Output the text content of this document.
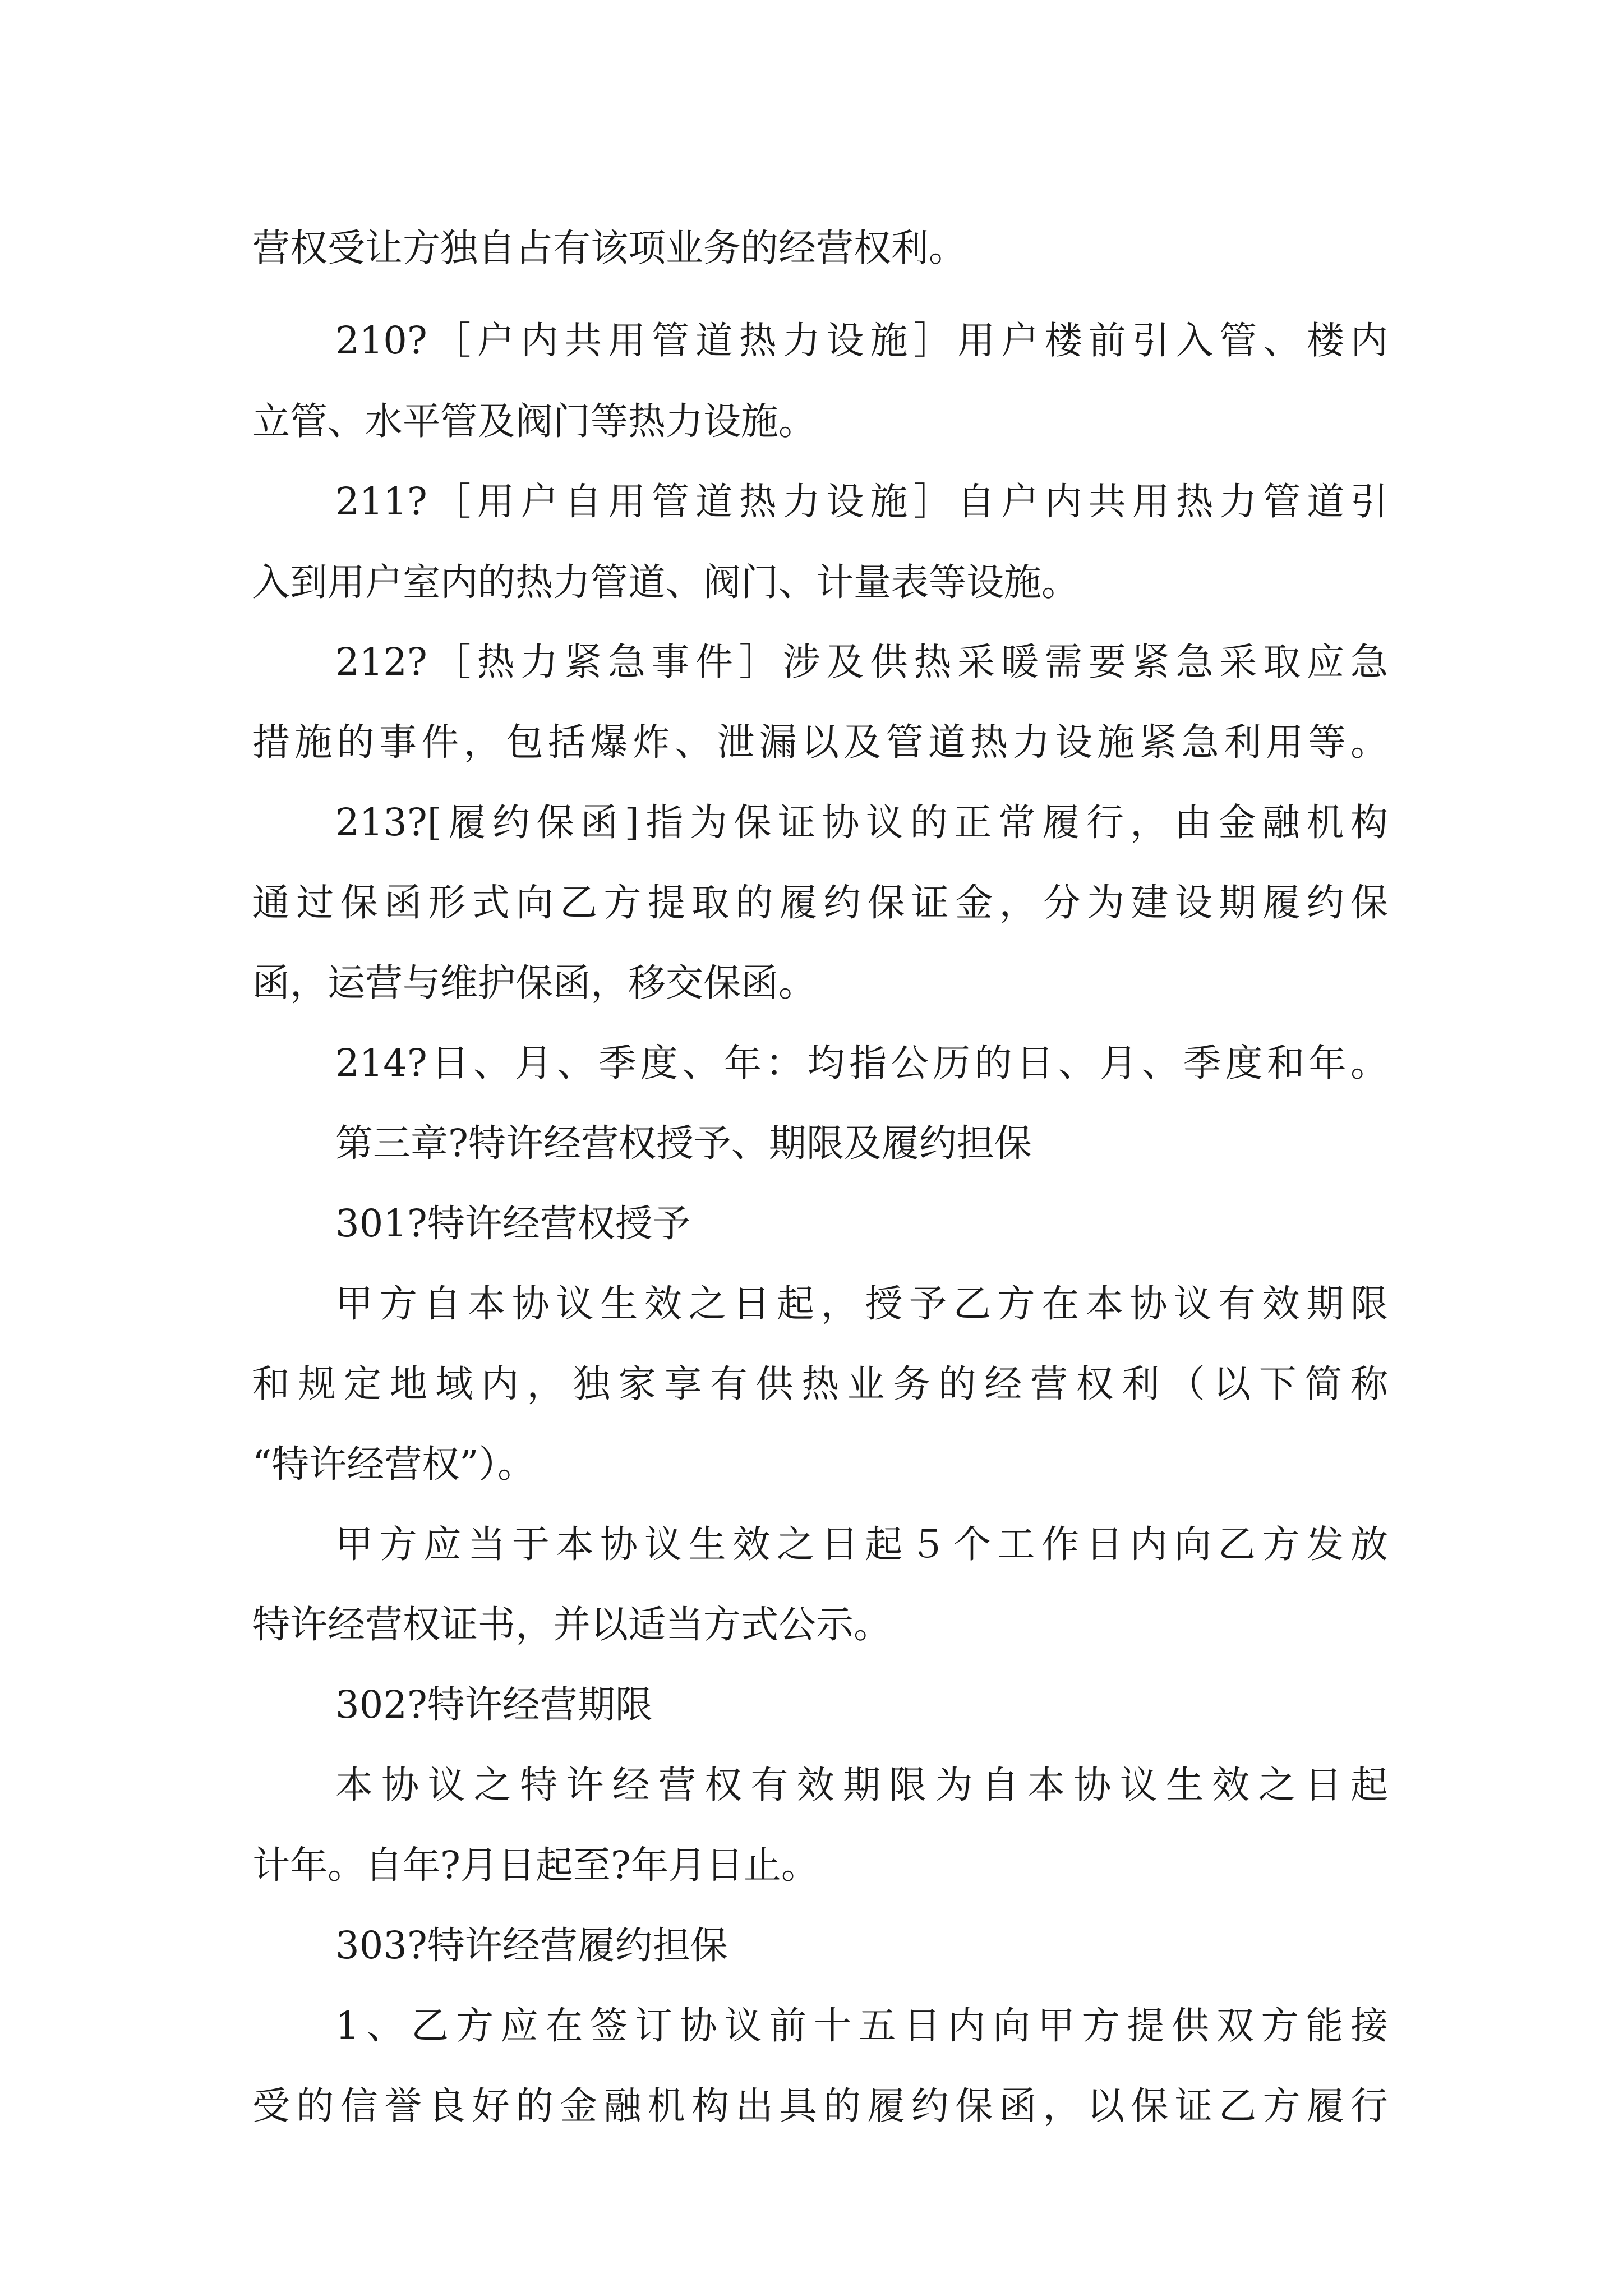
营权受让方独自占有该项业务的经营权利。
210?［户内共用管道热力设施］用户楼前引入管、楼内
立管、水平管及阀门等热力设施。
211?［用户自用管道热力设施］自户内共用热力管道引
入到用户室内的热力管道、阀门、计量表等设施。
212?［热力紧急事件］涉及供热采暖需要紧急采取应急
措施的事件，包括爆炸、泄漏以及管道热力设施紧急利用等。
213?[履约保函]指为保证协议的正常履行，由金融机构
通过保函形式向乙方提取的履约保证金，分为建设期履约保
函，运营与维护保函，移交保函。
214?日、月、季度、年：均指公历的日、月、季度和年。
第三章?特许经营权授予、期限及履约担保
301?特许经营权授予
甲方自本协议生效之日起，授予乙方在本协议有效期限
和规定地域内，独家享有供热业务的经营权利（以下简称
“特许经营权”）。
甲方应当于本协议生效之日起５个工作日内向乙方发放
特许经营权证书，并以适当方式公示。
302?特许经营期限
本协议之特许经营权有效期限为自本协议生效之日起
计年。自年?月日起至?年月日止。
303?特许经营履约担保
1、乙方应在签订协议前十五日内向甲方提供双方能接
受的信誉良好的金融机构出具的履约保函，以保证乙方履行
